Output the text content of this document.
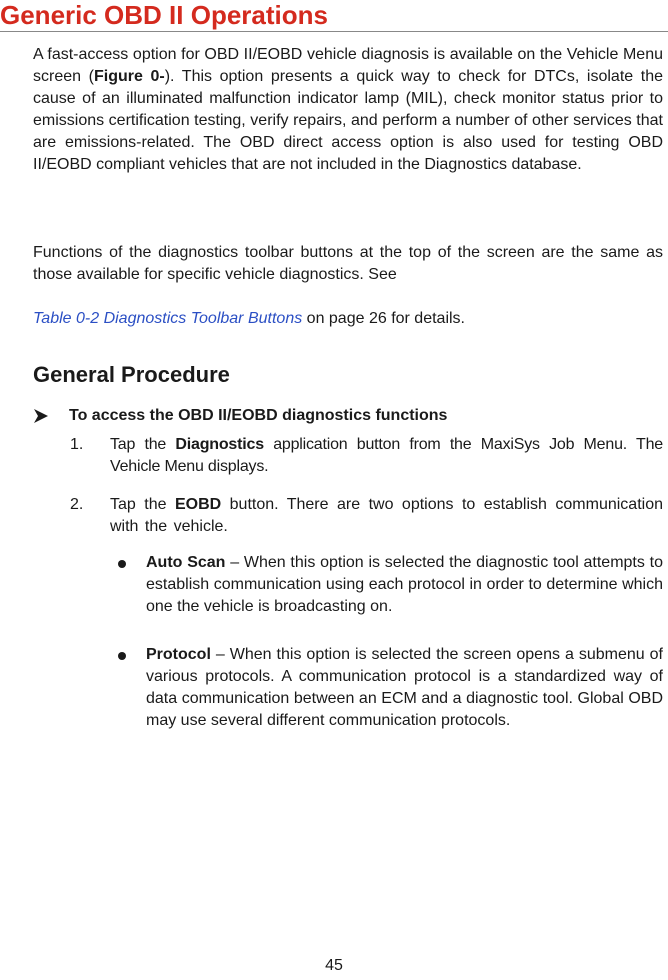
Generic OBD II Operations

A fast-access option for OBD II/EOBD vehicle diagnosis is available on the Vehicle Menu screen (Figure 0-). This option presents a quick way to check for DTCs, isolate the cause of an illuminated malfunction indicator lamp (MIL), check monitor status prior to emissions certification testing, verify repairs, and perform a number of other services that are emissions-related. The OBD direct access option is also used for testing OBD II/EOBD compliant vehicles that are not included in the Diagnostics database.

Functions of the diagnostics toolbar buttons at the top of the screen are the same as those available for specific vehicle diagnostics. See

Table 0-2 Diagnostics Toolbar Buttons on page 26 for details.

General Procedure
To access the OBD II/EOBD diagnostics functions
1. Tap the Diagnostics application button from the MaxiSys Job Menu. The Vehicle Menu displays.

2. Tap the EOBD button. There are two options to establish communication with the vehicle.

Auto Scan – When this option is selected the diagnostic tool attempts to establish communication using each protocol in order to determine which one the vehicle is broadcasting on.

Protocol – When this option is selected the screen opens a submenu of various protocols. A communication protocol is a standardized way of data communication between an ECM and a diagnostic tool. Global OBD may use several different communication protocols.

45
